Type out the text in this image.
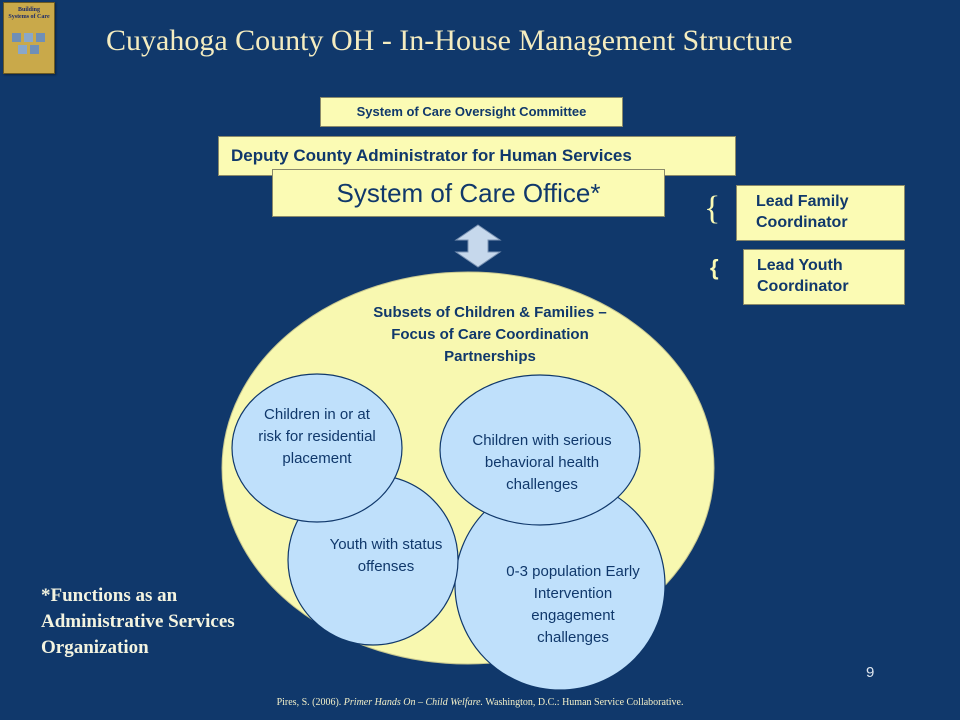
Building Systems of Care
Cuyahoga County OH - In-House Management Structure
System of Care Oversight Committee
Deputy County Administrator for Human Services
System of Care Office*	{ Lead Family
Coordinator
{ Lead Youth
Coordinator
Subsets of Children & Families –
Focus of Care Coordination
Partnerships
Children in or at
risk for residential
placement
Children with serious
behavioral health
challenges
Youth with status
offenses	0-3 population Early
Intervention
engagement
challenges
*Functions as an
Administrative Services
Organization
9
Pires, S. (2006). Primer Hands On – Child Welfare. Washington, D.C.: Human Service Collaborative.
